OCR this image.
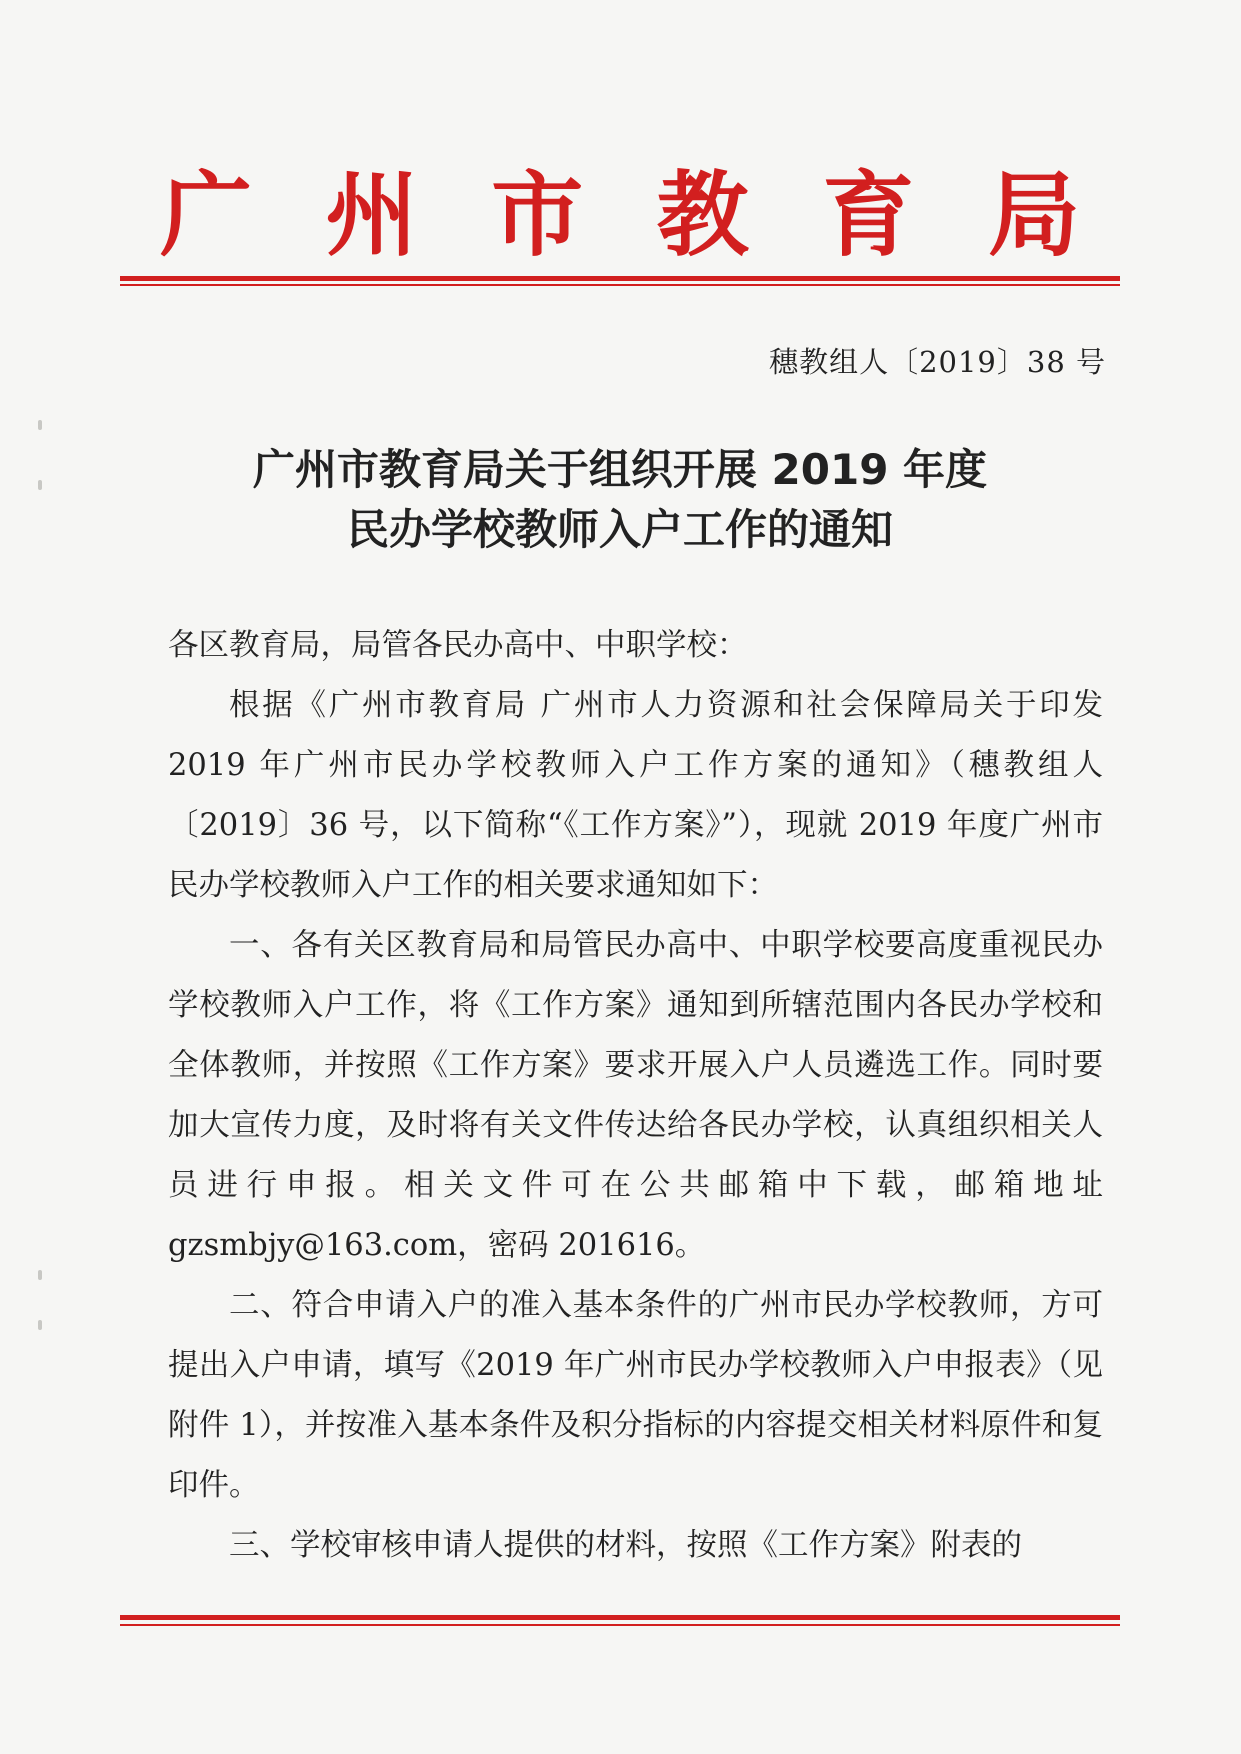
广 州 市 教 育 局
穗教组人〔2019〕38 号
广州市教育局关于组织开展 2019 年度
民办学校教师入户工作的通知
各区教育局，局管各民办高中、中职学校：
根据《广州市教育局 广州市人力资源和社会保障局关于印发 2019 年广州市民办学校教师入户工作方案的通知》（穗教组人〔2019〕36 号，以下简称“《工作方案》”），现就 2019 年度广州市民办学校教师入户工作的相关要求通知如下：
一、各有关区教育局和局管民办高中、中职学校要高度重视民办学校教师入户工作，将《工作方案》通知到所辖范围内各民办学校和全体教师，并按照《工作方案》要求开展入户人员遴选工作。同时要加大宣传力度，及时将有关文件传达给各民办学校，认真组织相关人员进行申报。相关文件可在公共邮箱中下载，邮箱地址 gzsmbjy@163.com，密码 201616。
二、符合申请入户的准入基本条件的广州市民办学校教师，方可提出入户申请，填写《2019 年广州市民办学校教师入户申报表》（见附件 1），并按准入基本条件及积分指标的内容提交相关材料原件和复印件。
三、学校审核申请人提供的材料，按照《工作方案》附表的
